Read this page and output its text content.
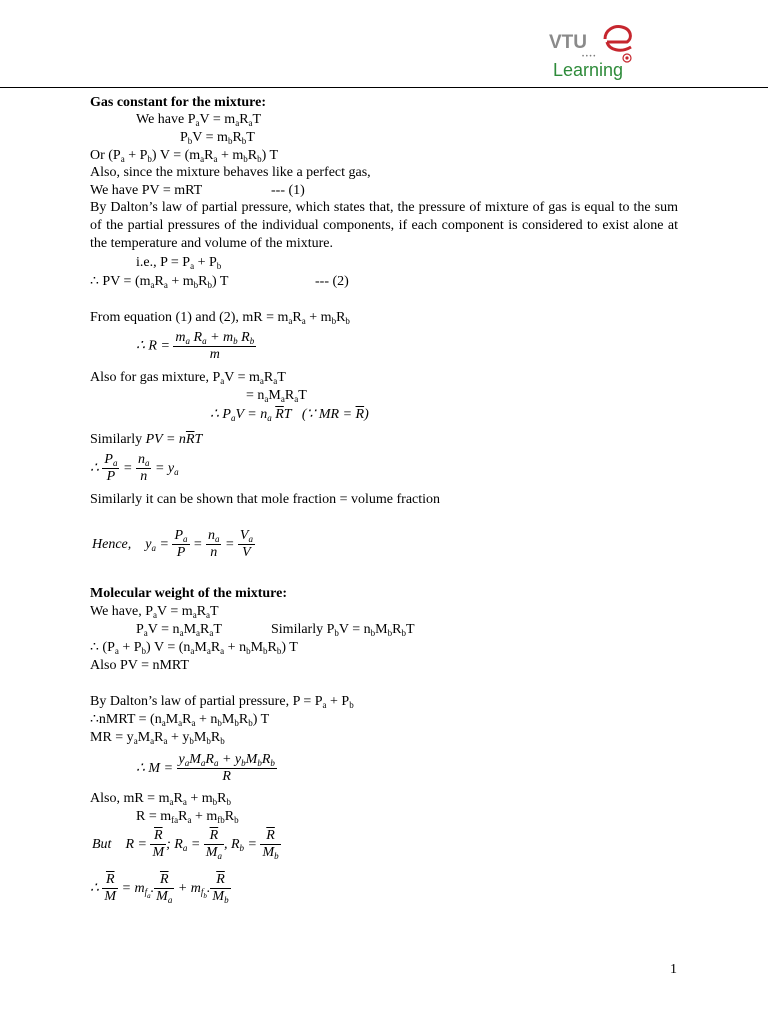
VTU
• • • •
Learning
Gas constant for the mixture:
We have $P_aV = m_aR_aT$
$P_bV = m_bR_bT$
Or $(P_a + P_b) V = (m_aR_a + m_bR_b)$ T
Also, since the mixture behaves like a perfect gas,
We have PV = mRT	--- (1)
By Dalton’s law of partial pressure, which states that, the pressure of mixture of gas is equal to the sum of the partial pressures of the individual components, if each component is considered to exist alone at the temperature and volume of the mixture.
i.e., $P = P_a + P_b$
∴ PV = $(m_aR_a + m_bR_b)$ T	--- (2)
From equation (1) and (2), mR = $m_aR_a + m_bR_b$
∴ $R = \frac{m_a R_a + m_b R_b}{m}$
Also for gas mixture, $P_aV = m_aR_aT$
= $n_aM_aR_aT$
∴ $P_aV = n_a$ $\overline{R}T$   (∵ MR = $\overline{R}$)
Similarly PV = $n\overline{R}T$
∴ $\frac{P_a}{P} = \frac{n_a}{n} = y_a$
Similarly it can be shown that mole fraction = volume fraction
Hence,    $y_a = \frac{P_a}{P} = \frac{n_a}{n} = \frac{V_a}{V}$
Molecular weight of the mixture:
We have, $P_aV = m_aR_aT$
$P_aV = n_aM_aR_aT$	Similarly $P_bV = n_bM_bR_bT$
∴ $(P_a + P_b) V = (n_aM_aR_a + n_bM_bR_b)$ T
Also PV = nMRT
By Dalton’s law of partial pressure, $P = P_a + P_b$
∴nMRT = $(n_aM_aR_a + n_bM_bR_b)$ T
MR = $y_aM_aR_a + y_bM_bR_b$
∴ $M = \frac{y_aM_aR_a + y_bM_bR_b}{R}$
Also, mR = $m_aR_a + m_bR_b$
$R = m_{fa}R_a + m_{fb}R_b$
But    $R = \frac{\overline{R}}{M}$ ; $R_a = \frac{\overline{R}}{M_a}$ , $R_b = \frac{\overline{R}}{M_b}$
∴ $\frac{\overline{R}}{M} = m_{f_a}$. $\frac{\overline{R}}{M_a} + m_{f_b}$. $\frac{\overline{R}}{M_b}$
1
